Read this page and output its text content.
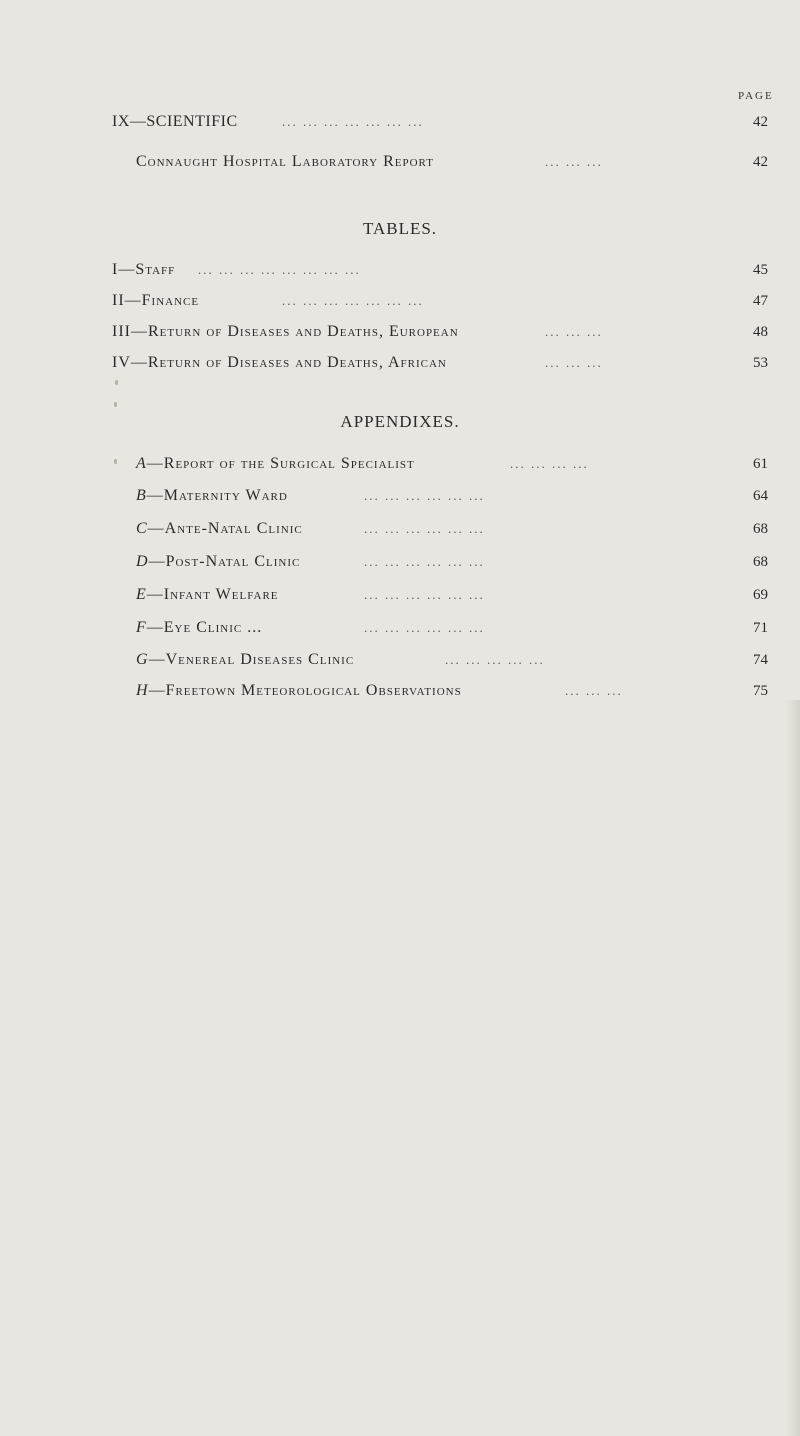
PAGE
IX—SCIENTIFIC	... ... ... ... ... ... ...	42
Connaught Hospital Laboratory Report	... ... ...	42
TABLES.
I—Staff ... ... ... ... ... ... ... ...	45
II—Finance	... ... ... ... ... ... ...	47
III—Return of Diseases and Deaths, European	... ... ...	48
IV—Return of Diseases and Deaths, African	... ... ...	53
APPENDIXES.
A—Report of the Surgical Specialist	... ... ... ...	61
B—Maternity Ward	... ... ... ... ... ...	64
C—Ante-Natal Clinic	... ... ... ... ... ...	68
D—Post-Natal Clinic	... ... ... ... ... ...	68
E—Infant Welfare	... ... ... ... ... ...	69
F—Eye Clinic ...	... ... ... ... ... ...	71
G—Venereal Diseases Clinic	... ... ... ... ...	74
H—Freetown Meteorological Observations	... ... ...	75
